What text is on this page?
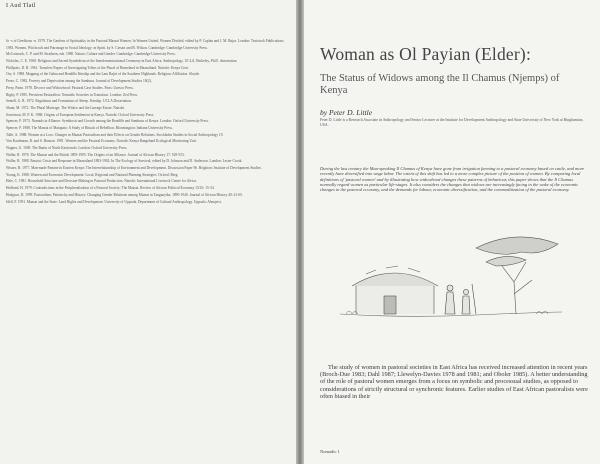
I Aud Tlatl
Jo -s of Geeditons -n. 1979. The Gardens of Spirituality in the Pastoral Maasai Women. In Women United, Women Divided, edited by P. Caplan and J. M. Bujra. London: Tavistock Publications.
1983. Women, Witchcraft and Patronage in Social Ideology: in Spirit. by S. Ciesari and B. Wilson. Cambridge: Cambridge University Press.
McCormack, C. P. and M. Strathern, eds. 1980. Nature, Culture and Gender. Cambridge: Cambridge University Press.
Nicholas, C. E. 1968. Religious and Sacred Symbolism of the Interdenominational Ceremony in East Africa. Anthropology. UCLA, Berkeley, Ph.D. dissertation.
Phillpotts, D. R. 1961. Transfers Papers of Investigating Tribes of the Plural of Homeland in Maasailand. Nairobi: Kenya Govt.
Ory, S. 1988. Mapping of the Gabra and Rendille Kinship and the Lam Bajiri of the Southern Highlands. Religious Affiliation. Sloyde.
Perez, C. 1982. Poverty and Deprivation among the Samburu. Journal of Development Studies 18(2).
Perry, Parin. 1978. Divorce and Widowhood: Pastoral Case Studies. Paris: Unesco Press.
Rigby, P. 1985. Persistent Pastoralists: Nomadic Societies in Transition. London: Zed Press.
Sentell, G. R. 1972. Regulation and Formations of Sheep. Kinship. UCLA Dissertation.
Shunt, M. 1972. The Plural Marriage: The Widow and the Lineage Estate. Nairobi.
Sorrenson, M. P. K. 1968. Origins of European Settlement in Kenya. Nairobi: Oxford University Press.
Spencer, P. 1973. Nomads in Alliance: Symbiosis and Growth among the Rendille and Samburu of Kenya. London: Oxford University Press.
Spencer, P. 1988. The Maasai of Matapato: A Study of Rituals of Rebellion. Bloomington: Indiana University Press.
Talle, A. 1988. Women at a Loss: Changes in Maasai Pastoralism and their Effects on Gender Relations. Stockholm Studies in Social Anthropology 19.
Von Kaufmann, R. and S. Hanson. 1981. Women and the Pastoral Economy. Nairobi: Kenya Rangeland Ecological Monitoring Unit.
Wagner, G. 1949. The Bantu of North Kavirondo. London: Oxford University Press.
Waller, R. 1976. The Maasai and the British 1895-1905: The Origins of an Alliance. Journal of African History 17: 529-553.
Waller, R. 1988. Emutai: Crisis and Response in Maasailand 1883-1902. In The Ecology of Survival, edited by D. Johnson and D. Anderson. London: Lester Crook.
Wisner, B. 1977. Man-made Famine in Eastern Kenya: The Interrelationship of Environment and Development. Discussion Paper 96. Brighton: Institute of Development Studies.
Young, K. 1988. Women and Economic Development: Local, Regional and National Planning Strategies. Oxford: Berg.
Hale, C. 1981. Household Structure and Decision-Making in Pastoral Production. Nairobi: International Livestock Centre for Africa.
Hedlund, H. 1979. Contradictions in the Peripheralization of a Pastoral Society: The Maasai. Review of African Political Economy 15/16: 15-34.
Hodgson, D. 1999. Pastoralism, Patriarchy and History: Changing Gender Relations among Maasai in Tanganyika, 1890-1940. Journal of African History 40: 41-65.
Idell, F. 1991. Maasai and the State: Land Rights and Development. University of Uppsala, Department of Cultural Anthropology. Uppsala: Almqvist.
Woman as Ol Payian (Elder):
The Status of Widows among the Il Chamus (Njemps) of Kenya
by Peter D. Little
Peter D. Little is a Research Associate in Anthropology and Senior Lecturer at the Institute for Development Anthropology and State University of New York at Binghamton, USA.
During the last century the Maa-speaking Il Chamus of Kenya have gone from irrigation farming to a pastoral economy based on cattle, and more recently have diversified into wage labor. The extent of this shift has led to a more complex picture of the position of women. By comparing local definitions of 'pastoral women' and by illustrating how widowhood changes these patterns of behaviour, this paper shows that the Il Chamus normally regard women as particular life-stages. It also considers the changes that widows are increasingly facing in the wake of the economic changes in the pastoral economy, and the demands for labour, economic diversification, and the commoditization of the pastoral economy.
The study of women in pastoral societies in East Africa has received increased attention in recent years (Broch-Due 1983; Dahl 1987; Llewelyn-Davies 1978 and 1981; and Oboler 1985). A better understanding of the role of pastoral women emerges from a focus on symbolic and processual studies, as opposed to considerations of strictly structural or synchronic features. Earlier studies of East African pastoralists were often biased in their
Nomadic 1
